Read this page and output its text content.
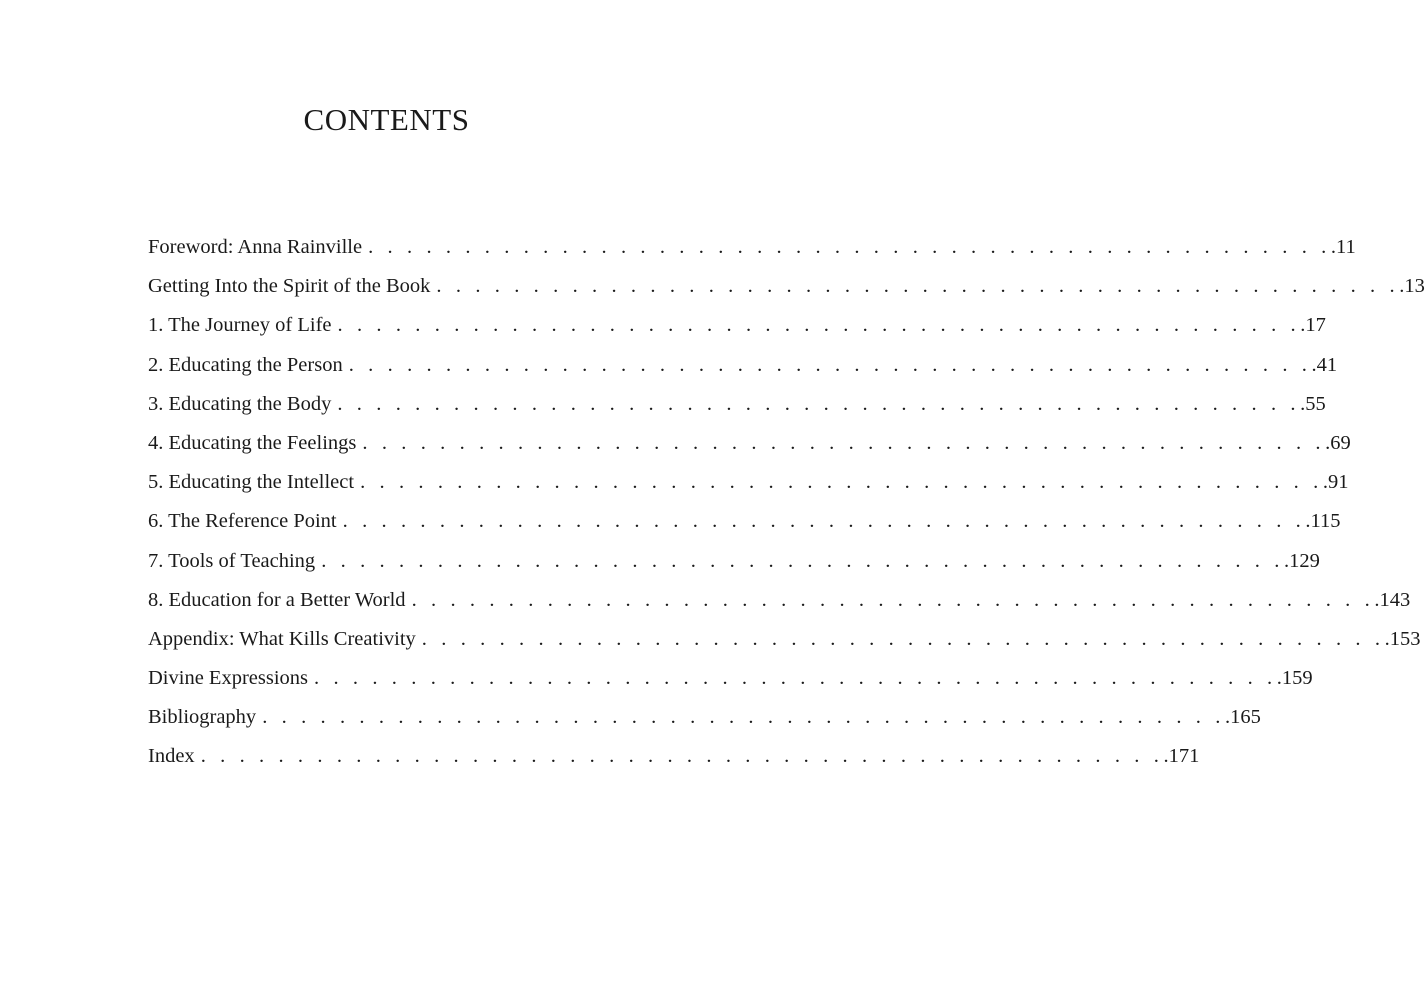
CONTENTS
Foreword: Anna Rainville . . . . . . . . . . . . . . . . . . . . . . . . . . . . . . . . . . . . . . . . . . . . . . . . . . .11
Getting Into the Spirit of the Book . . . . . . . . . . . . . . . . . . . . . . . . . . . . . . . . . . . . . . . . . . . . . . . . . . .13
1. The Journey of Life . . . . . . . . . . . . . . . . . . . . . . . . . . . . . . . . . . . . . . . . . . . . . . . . . . .17
2. Educating the Person . . . . . . . . . . . . . . . . . . . . . . . . . . . . . . . . . . . . . . . . . . . . . . . . . . .41
3. Educating the Body . . . . . . . . . . . . . . . . . . . . . . . . . . . . . . . . . . . . . . . . . . . . . . . . . . .55
4. Educating the Feelings . . . . . . . . . . . . . . . . . . . . . . . . . . . . . . . . . . . . . . . . . . . . . . . . . . .69
5. Educating the Intellect . . . . . . . . . . . . . . . . . . . . . . . . . . . . . . . . . . . . . . . . . . . . . . . . . . .91
6. The Reference Point . . . . . . . . . . . . . . . . . . . . . . . . . . . . . . . . . . . . . . . . . . . . . . . . . . .115
7. Tools of Teaching . . . . . . . . . . . . . . . . . . . . . . . . . . . . . . . . . . . . . . . . . . . . . . . . . . .129
8. Education for a Better World . . . . . . . . . . . . . . . . . . . . . . . . . . . . . . . . . . . . . . . . . . . . . . . . . . .143
Appendix: What Kills Creativity . . . . . . . . . . . . . . . . . . . . . . . . . . . . . . . . . . . . . . . . . . . . . . . . . . .153
Divine Expressions . . . . . . . . . . . . . . . . . . . . . . . . . . . . . . . . . . . . . . . . . . . . . . . . . . .159
Bibliography . . . . . . . . . . . . . . . . . . . . . . . . . . . . . . . . . . . . . . . . . . . . . . . . . . .165
Index . . . . . . . . . . . . . . . . . . . . . . . . . . . . . . . . . . . . . . . . . . . . . . . . . . .171
